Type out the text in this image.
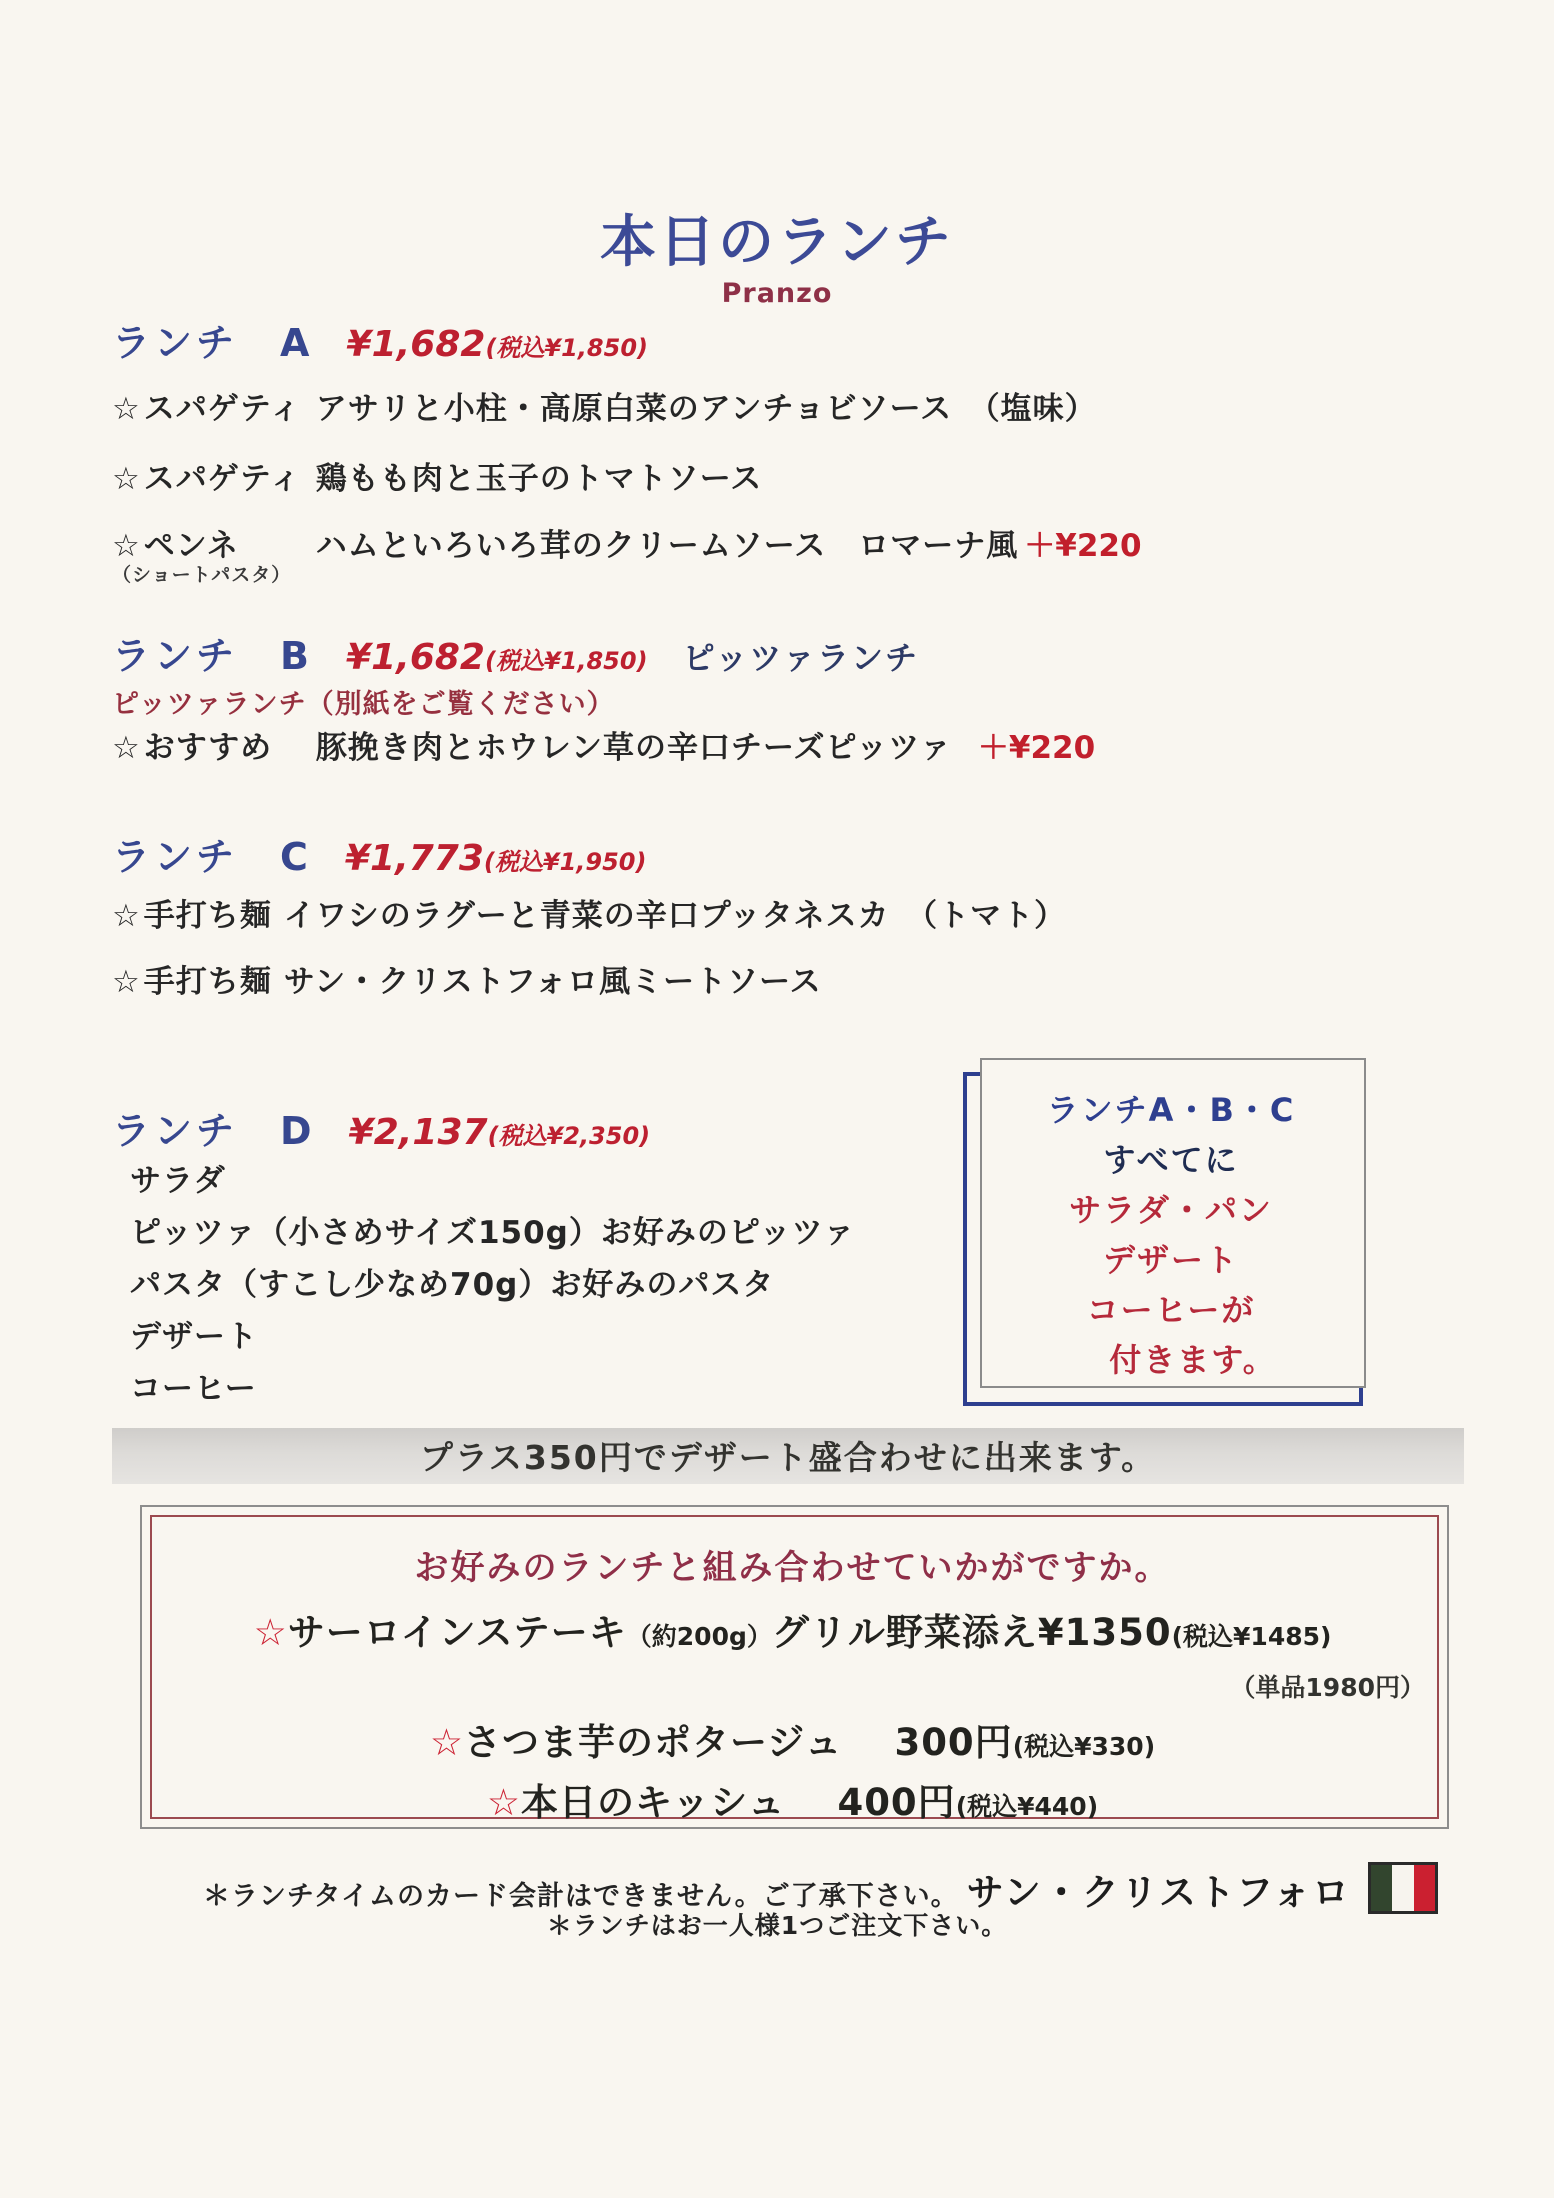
本日のランチ
Pranzo
ランチ　A ¥1,682(税込¥1,850)
☆ スパゲティ アサリと小柱・高原白菜のアンチョビソース　（塩味）
☆ スパゲティ 鶏もも肉と玉子のトマトソース
☆ ペンネ ハムといろいろ茸のクリームソース　ロマーナ風 ＋¥220
（ショートパスタ）
ランチ　B ¥1,682(税込¥1,850) ピッツァランチ
ピッツァランチ（別紙をご覧ください）
☆ おすすめ 豚挽き肉とホウレン草の辛口チーズピッツァ ＋¥220
ランチ　C ¥1,773(税込¥1,950)
☆ 手打ち麺 イワシのラグーと青菜の辛口プッタネスカ　（トマト）
☆ 手打ち麺 サン・クリストフォロ風ミートソース
ランチ　D ¥2,137(税込¥2,350)
サラダ
ピッツァ（小さめサイズ150g）お好みのピッツァ
パスタ（すこし少なめ70g）お好みのパスタ
デザート
コーヒー
ランチA・B・C
すべてに
サラダ・パン
デザート
コーヒーが
付きます。
プラス350円でデザート盛合わせに出来ます。
お好みのランチと組み合わせていかがですか。
☆サーロインステーキ（約200g）グリル野菜添え¥1350(税込¥1485)
（単品1980円）
☆さつま芋のポタージュ　 300円(税込¥330)
☆本日のキッシュ　 400円(税込¥440)
＊ランチタイムのカード会計はできません。ご了承下さい。 サン・クリストフォロ
＊ランチはお一人様1つご注文下さい。
